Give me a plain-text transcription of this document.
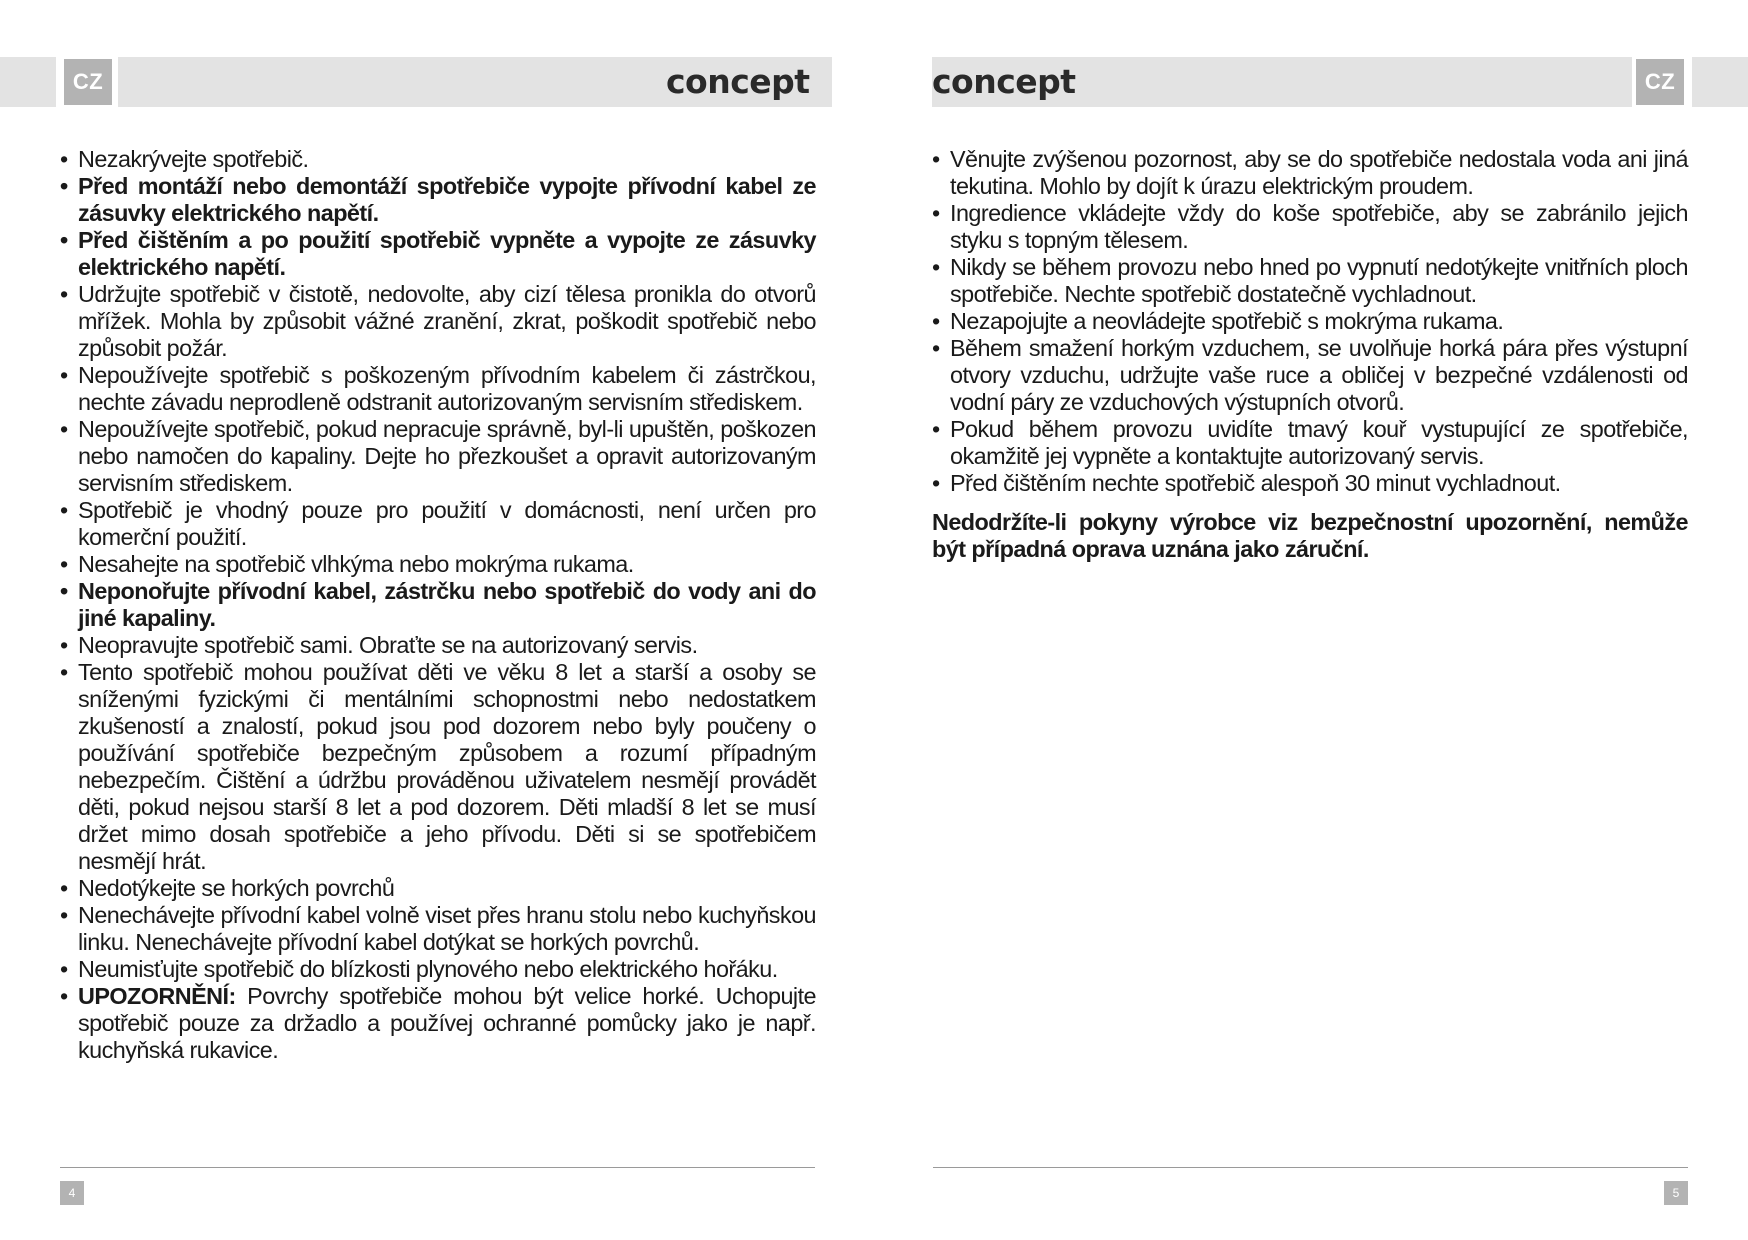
CZ	CZ
concept	concept
• Nezakrývejte spotřebič.
• Před montáží nebo demontáží spotřebiče vypojte přívodní kabel ze zásuvky elektrického napětí.
• Před čištěním a po použití spotřebič vypněte a vypojte ze zásuvky elektrického napětí.
• Udržujte spotřebič v čistotě, nedovolte, aby cizí tělesa pronikla do otvorů mřížek. Mohla by způsobit vážné zranění, zkrat, poškodit spotřebič nebo způsobit požár.
• Nepoužívejte spotřebič s poškozeným přívodním kabelem či zástrčkou, nechte závadu neprodleně odstranit autorizovaným servisním střediskem.
• Nepoužívejte spotřebič, pokud nepracuje správně, byl-li upuštěn, poškozen nebo namočen do kapaliny. Dejte ho přezkoušet a opravit autorizovaným servisním střediskem.
• Spotřebič je vhodný pouze pro použití v domácnosti, není určen pro komerční použití.
• Nesahejte na spotřebič vlhkýma nebo mokrýma rukama.
• Neponořujte přívodní kabel, zástrčku nebo spotřebič do vody ani do jiné kapaliny.
• Neopravujte spotřebič sami. Obraťte se na autorizovaný servis.
• Tento spotřebič mohou používat děti ve věku 8 let a starší a osoby se sníženými fyzickými či mentálními schopnostmi nebo nedostatkem zkušeností a znalostí, pokud jsou pod dozorem nebo byly poučeny o používání spotřebiče bezpečným způsobem a rozumí případným nebezpečím. Čištění a údržbu prováděnou uživatelem nesmějí provádět děti, pokud nejsou starší 8 let a pod dozorem. Děti mladší 8 let se musí držet mimo dosah spotřebiče a jeho přívodu. Děti si se spotřebičem nesmějí hrát.
• Nedotýkejte se horkých povrchů
• Nenechávejte přívodní kabel volně viset přes hranu stolu nebo kuchyňskou linku. Nenechávejte přívodní kabel dotýkat se horkých povrchů.
• Neumisťujte spotřebič do blízkosti plynového nebo elektrického hořáku.
• UPOZORNĚNÍ: Povrchy spotřebiče mohou být velice horké. Uchopujte spotřebič pouze za držadlo a používej ochranné pomůcky jako je např. kuchyňská rukavice.
• Věnujte zvýšenou pozornost, aby se do spotřebiče nedostala voda ani jiná tekutina. Mohlo by dojít k úrazu elektrickým proudem.
• Ingredience vkládejte vždy do koše spotřebiče, aby se zabránilo jejich styku s topným tělesem.
• Nikdy se během provozu nebo hned po vypnutí nedotýkejte vnitřních ploch spotřebiče. Nechte spotřebič dostatečně vychladnout.
• Nezapojujte a neovládejte spotřebič s mokrýma rukama.
• Během smažení horkým vzduchem, se uvolňuje horká pára přes výstupní otvory vzduchu, udržujte vaše ruce a obličej v bezpečné vzdálenosti od vodní páry ze vzduchových výstupních otvorů.
• Pokud během provozu uvidíte tmavý kouř vystupující ze spotřebiče, okamžitě jej vypněte a kontaktujte autorizovaný servis.
• Před čištěním nechte spotřebič alespoň 30 minut vychladnout.
Nedodržíte-li pokyny výrobce viz bezpečnostní upozornění, nemůže být případná oprava uznána jako záruční.
4	5
